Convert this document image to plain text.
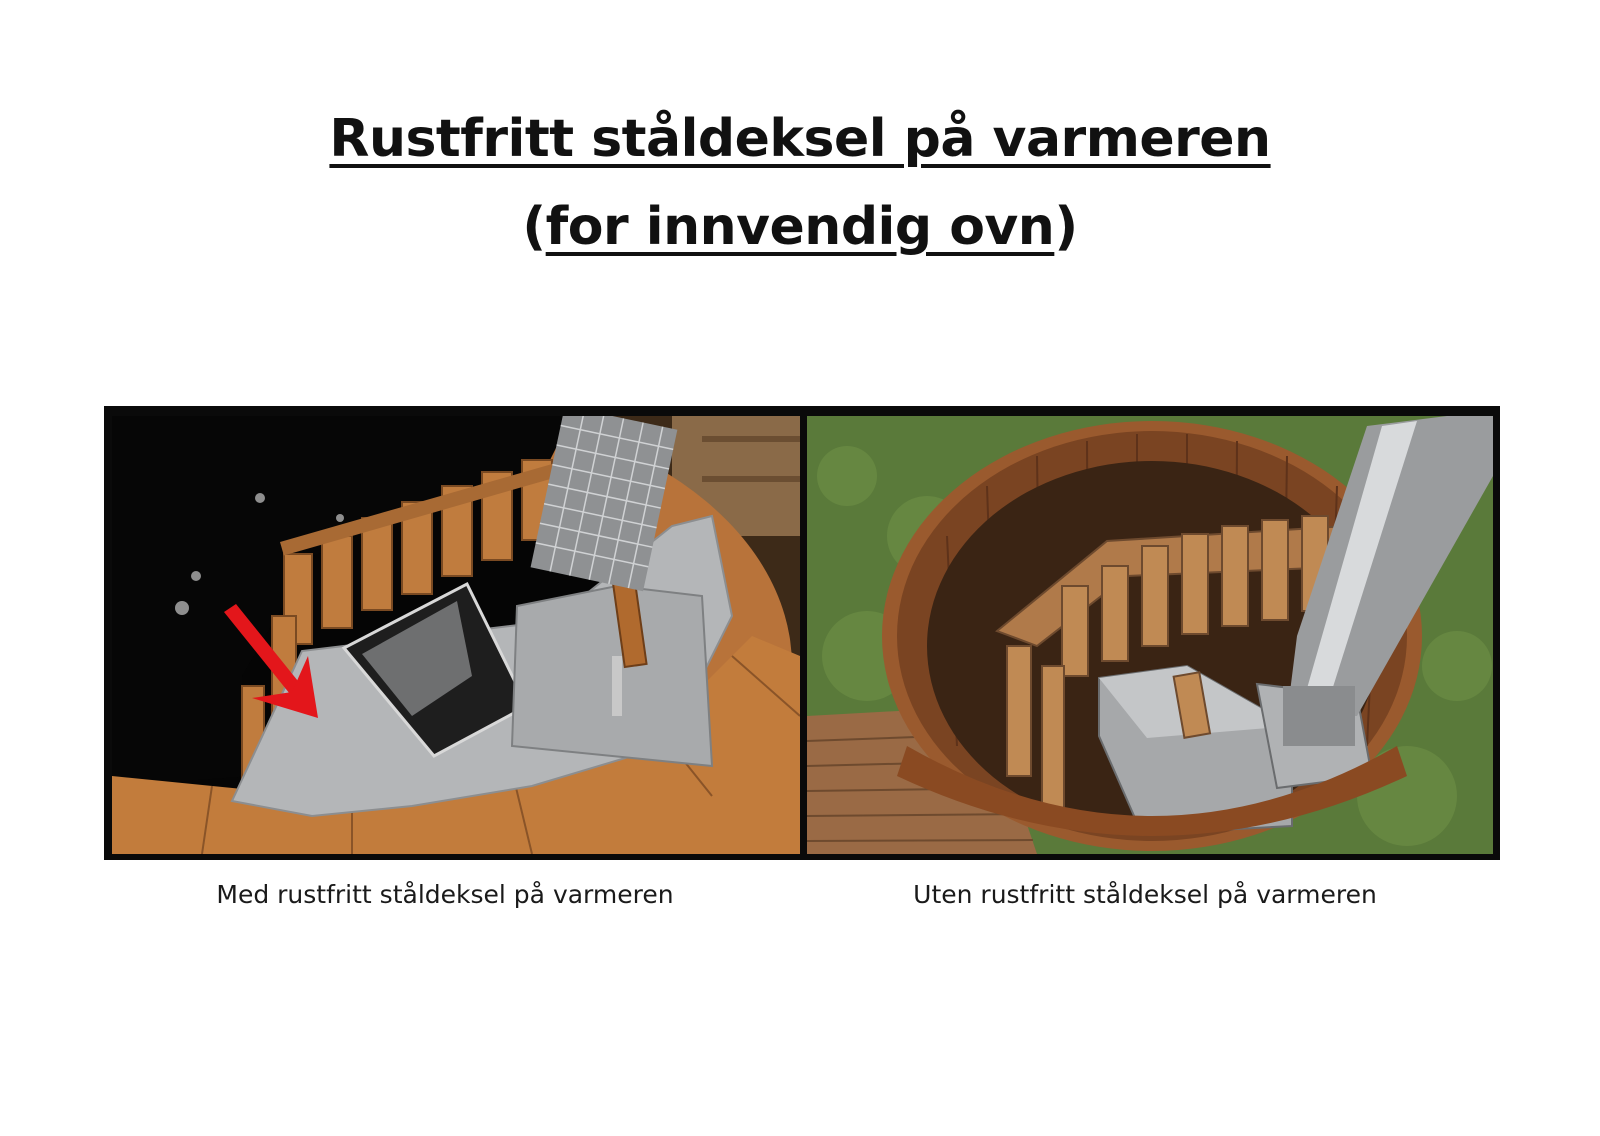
Rustfritt ståldeksel på varmeren
(for innvendig ovn)
Med rustfritt ståldeksel på varmeren	Uten rustfritt ståldeksel på varmeren
